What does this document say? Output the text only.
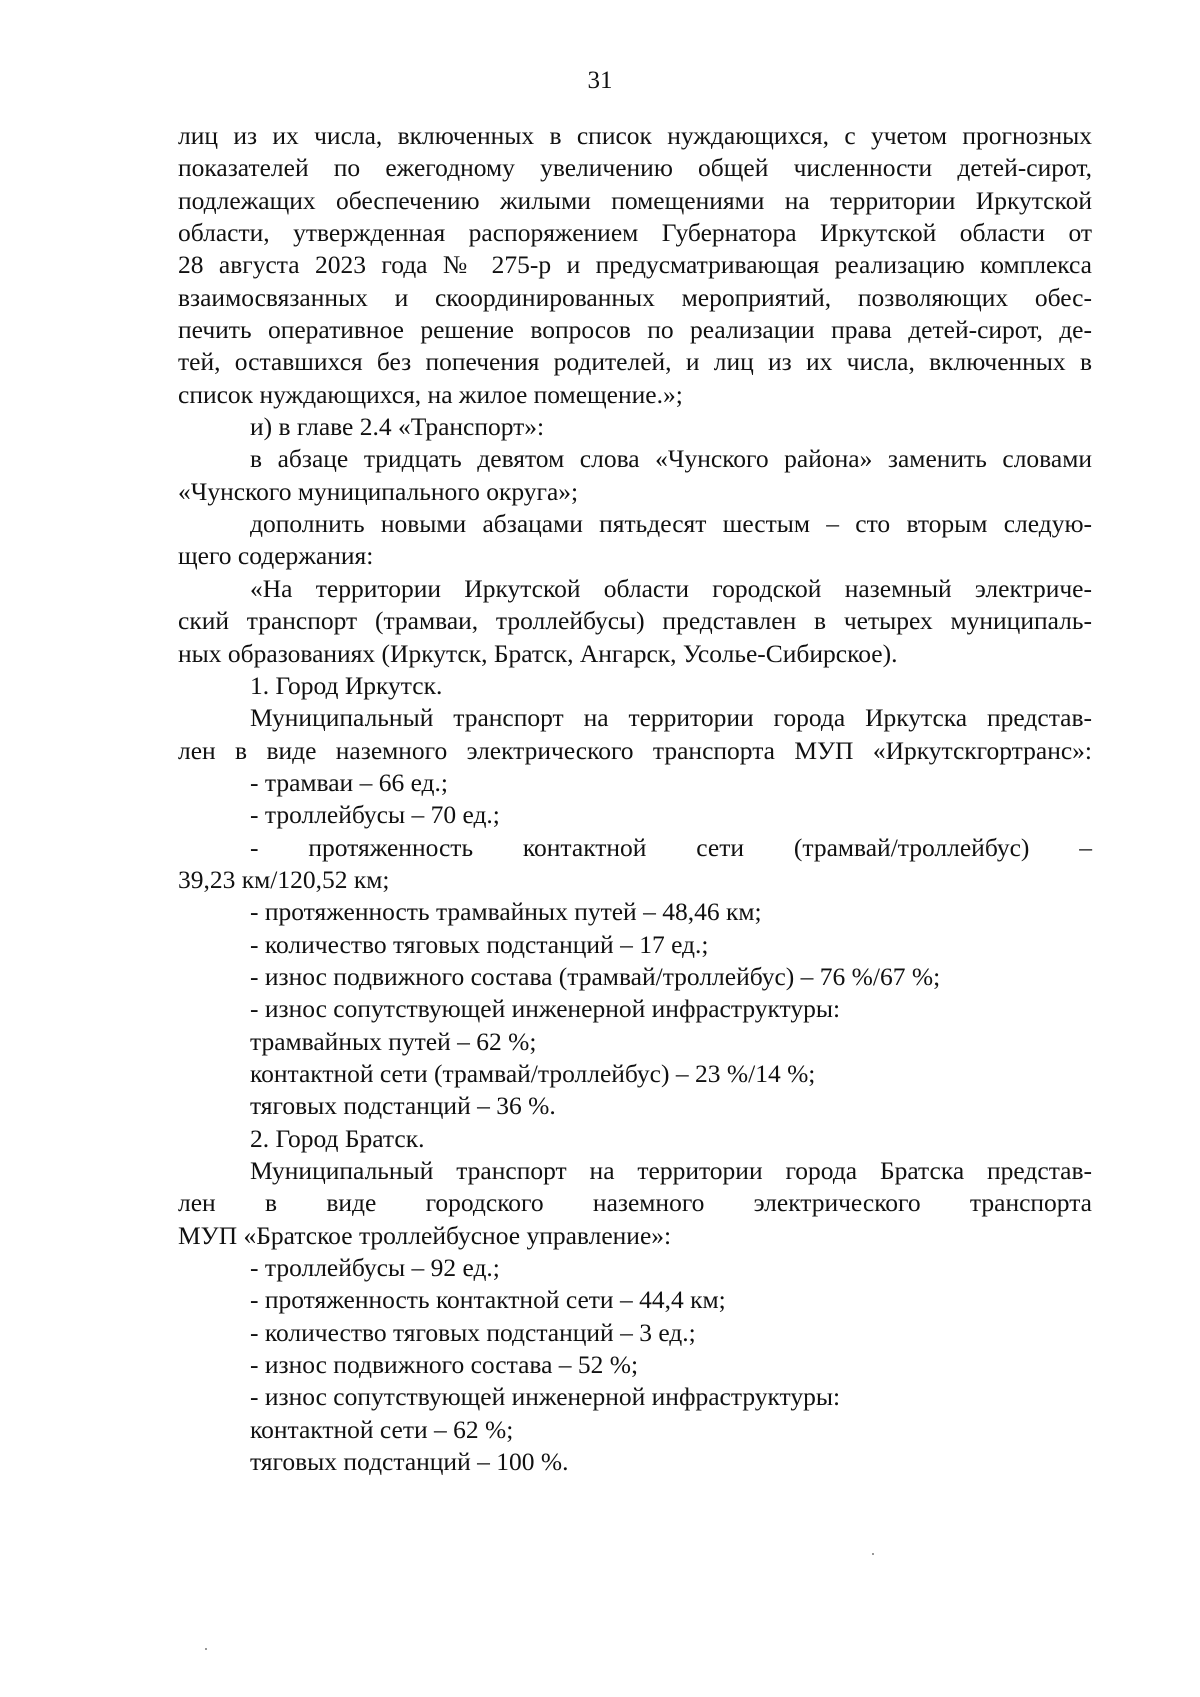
31

лиц из их числа, включенных в список нуждающихся, с учетом прогнозных

показателей по ежегодному увеличению общей численности детей-сирот,

подлежащих обеспечению жилыми помещениями на территории Иркутской

области, утвержденная распоряжением Губернатора Иркутской области от

28 августа 2023 года № 275-р и предусматривающая реализацию комплекса

взаимосвязанных и скоординированных мероприятий, позволяющих обес-

печить оперативное решение вопросов по реализации права детей-сирот, де-

тей, оставшихся без попечения родителей, и лиц из их числа, включенных в

список нуждающихся, на жилое помещение.»;

и) в главе 2.4 «Транспорт»:

в абзаце тридцать девятом слова «Чунского района» заменить словами

«Чунского муниципального округа»;

дополнить новыми абзацами пятьдесят шестым – сто вторым следую-

щего содержания:

«На территории Иркутской области городской наземный электриче-

ский транспорт (трамваи, троллейбусы) представлен в четырех муниципаль-

ных образованиях (Иркутск, Братск, Ангарск, Усолье-Сибирское).

1. Город Иркутск.

Муниципальный транспорт на территории города Иркутска представ-

лен в виде наземного электрического транспорта МУП «Иркутскгортранс»:

- трамваи – 66 ед.;

- троллейбусы – 70 ед.;

- протяженность контактной сети (трамвай/троллейбус) –

39,23 км/120,52 км;

- протяженность трамвайных путей – 48,46 км;

- количество тяговых подстанций – 17 ед.;

- износ подвижного состава (трамвай/троллейбус) – 76 %/67 %;

- износ сопутствующей инженерной инфраструктуры:

трамвайных путей – 62 %;

контактной сети (трамвай/троллейбус) – 23 %/14 %;

тяговых подстанций – 36 %.

2. Город Братск.

Муниципальный транспорт на территории города Братска представ-

лен в виде городского наземного электрического транспорта

МУП «Братское троллейбусное управление»:

- троллейбусы – 92 ед.;

- протяженность контактной сети – 44,4 км;

- количество тяговых подстанций – 3 ед.;

- износ подвижного состава – 52 %;

- износ сопутствующей инженерной инфраструктуры:

контактной сети – 62 %;

тяговых подстанций – 100 %.
